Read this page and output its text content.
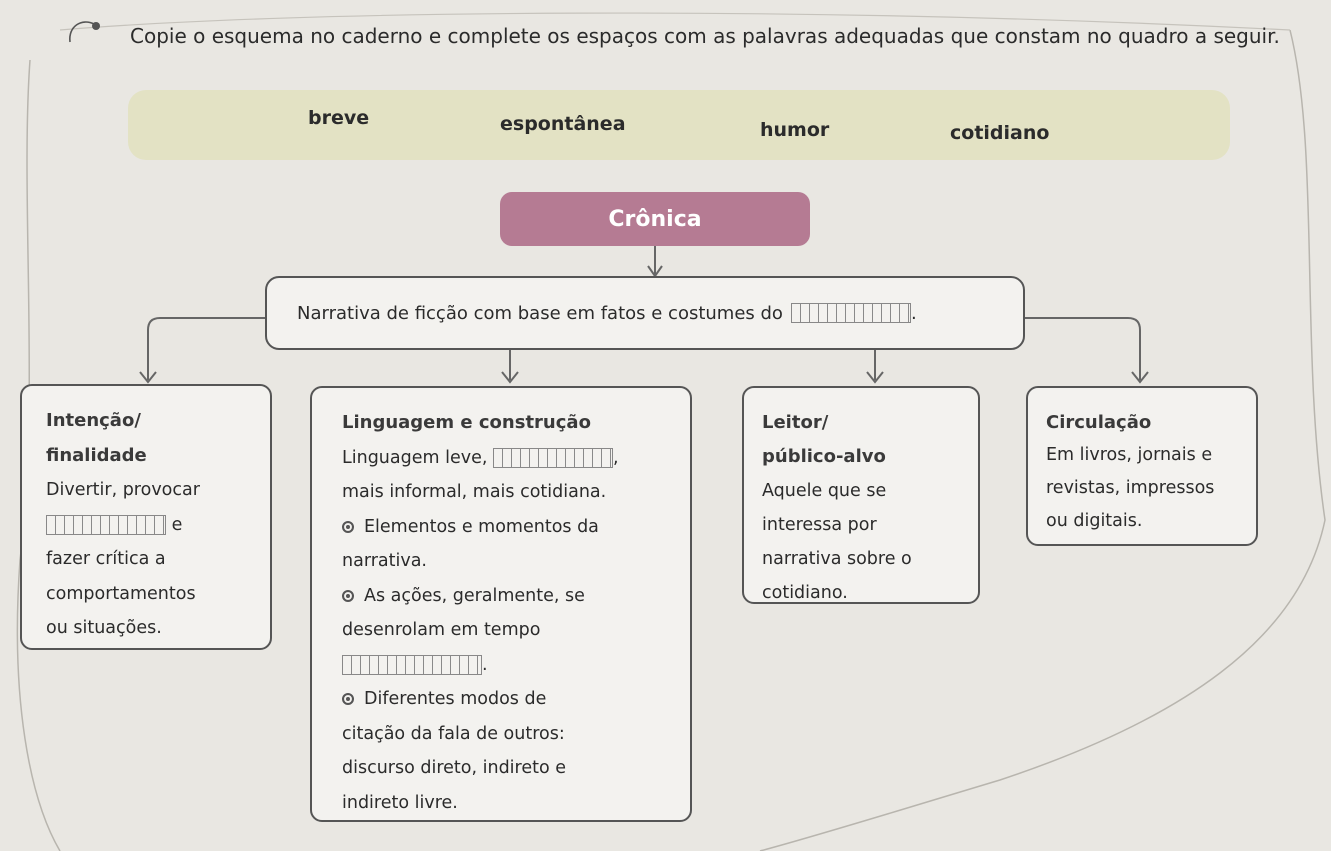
Copie o esquema no caderno e complete os espaços com as palavras adequadas que constam no quadro a seguir.
breve	espontânea	humor	cotidiano
Crônica
Narrativa de ficção com base em fatos e costumes do	.

Intenção/

finalidade

Divertir, provocar

e

fazer crítica a

comportamentos

ou situações.

Linguagem e construção

Linguagem leve,	,

mais informal, mais cotidiana.

Elementos e momentos da

narrativa.

As ações, geralmente, se

desenrolam em tempo

.

Diferentes modos de

citação da fala de outros:

discurso direto, indireto e

indireto livre.

Leitor/

público-alvo

Aquele que se

interessa por

narrativa sobre o

cotidiano.

Circulação

Em livros, jornais e

revistas, impressos

ou digitais.
